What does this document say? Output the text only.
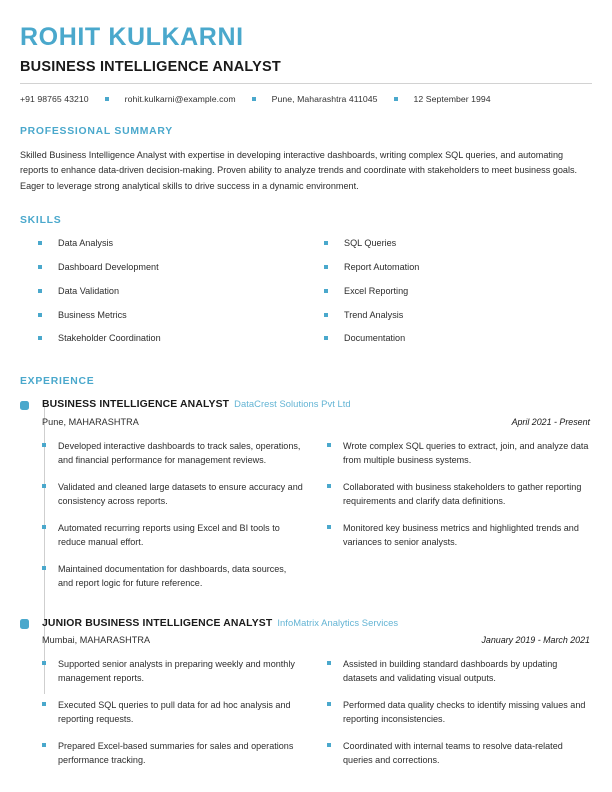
ROHIT KULKARNI
BUSINESS INTELLIGENCE ANALYST
+91 98765 43210	rohit.kulkarni@example.com	Pune, Maharashtra 411045	12 September 1994
PROFESSIONAL SUMMARY
Skilled Business Intelligence Analyst with expertise in developing interactive dashboards, writing complex SQL queries, and automating reports to enhance data-driven decision-making. Proven ability to analyze trends and coordinate with stakeholders to meet business goals. Eager to leverage strong analytical skills to drive success in a dynamic environment.
SKILLS
Data Analysis
Dashboard Development
Data Validation
Business Metrics
Stakeholder Coordination
SQL Queries
Report Automation
Excel Reporting
Trend Analysis
Documentation
EXPERIENCE
BUSINESS INTELLIGENCE ANALYST DataCrest Solutions Pvt Ltd
Pune, MAHARASHTRA	April 2021 - Present
Developed interactive dashboards to track sales, operations, and financial performance for management reviews.
Validated and cleaned large datasets to ensure accuracy and consistency across reports.
Automated recurring reports using Excel and BI tools to reduce manual effort.
Maintained documentation for dashboards, data sources, and report logic for future reference.
Wrote complex SQL queries to extract, join, and analyze data from multiple business systems.
Collaborated with business stakeholders to gather reporting requirements and clarify data definitions.
Monitored key business metrics and highlighted trends and variances to senior analysts.
JUNIOR BUSINESS INTELLIGENCE ANALYST InfoMatrix Analytics Services
Mumbai, MAHARASHTRA	January 2019 - March 2021
Supported senior analysts in preparing weekly and monthly management reports.
Executed SQL queries to pull data for ad hoc analysis and reporting requests.
Prepared Excel-based summaries for sales and operations performance tracking.
Assisted in building standard dashboards by updating datasets and validating visual outputs.
Performed data quality checks to identify missing values and reporting inconsistencies.
Coordinated with internal teams to resolve data-related queries and corrections.
